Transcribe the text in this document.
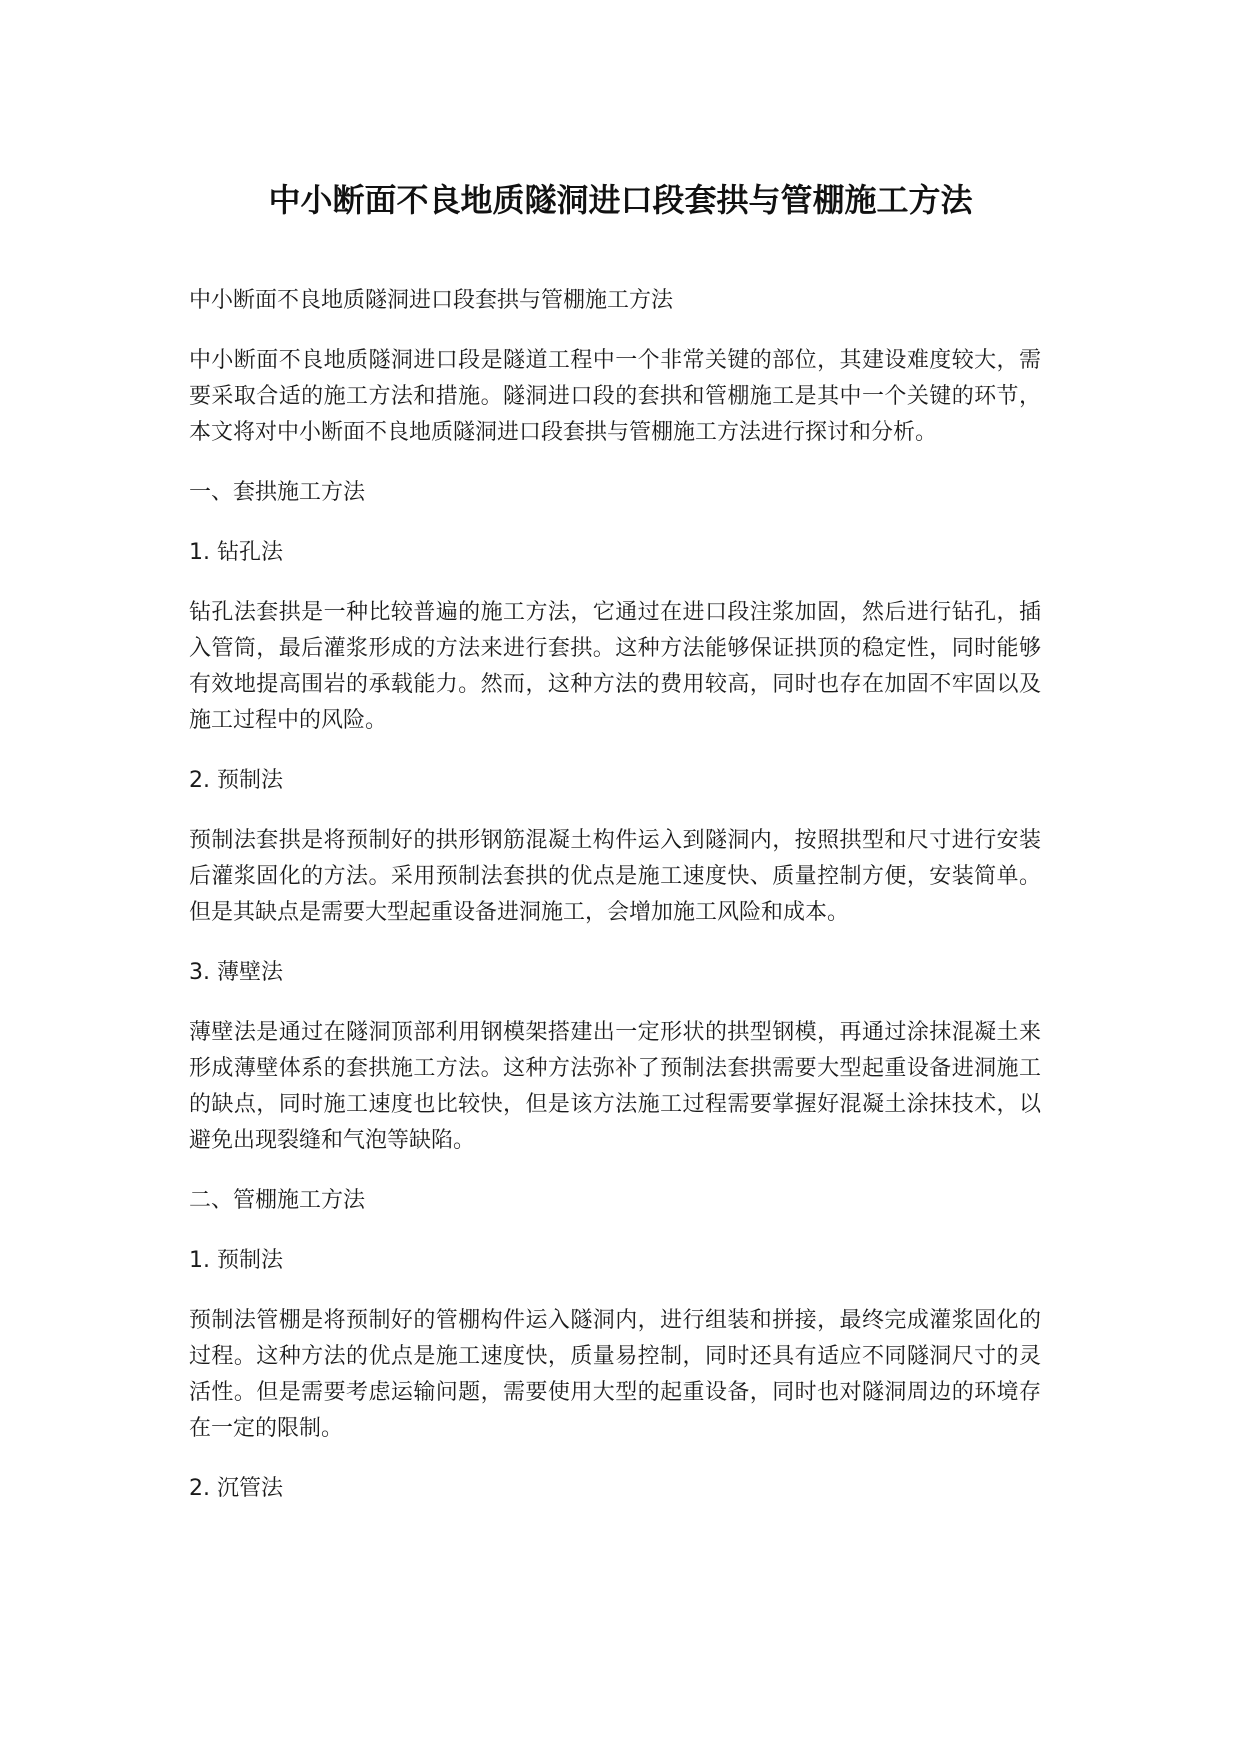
中小断面不良地质隧洞进口段套拱与管棚施工方法

中小断面不良地质隧洞进口段套拱与管棚施工方法

中小断面不良地质隧洞进口段是隧道工程中一个非常关键的部位，其建设难度较大，需要采取合适的施工方法和措施。隧洞进口段的套拱和管棚施工是其中一个关键的环节，本文将对中小断面不良地质隧洞进口段套拱与管棚施工方法进行探讨和分析。

一、套拱施工方法

1. 钻孔法

钻孔法套拱是一种比较普遍的施工方法，它通过在进口段注浆加固，然后进行钻孔，插入管筒，最后灌浆形成的方法来进行套拱。这种方法能够保证拱顶的稳定性，同时能够有效地提高围岩的承载能力。然而，这种方法的费用较高，同时也存在加固不牢固以及施工过程中的风险。

2. 预制法

预制法套拱是将预制好的拱形钢筋混凝土构件运入到隧洞内，按照拱型和尺寸进行安装后灌浆固化的方法。采用预制法套拱的优点是施工速度快、质量控制方便，安装简单。但是其缺点是需要大型起重设备进洞施工，会增加施工风险和成本。

3. 薄壁法

薄壁法是通过在隧洞顶部利用钢模架搭建出一定形状的拱型钢模，再通过涂抹混凝土来形成薄壁体系的套拱施工方法。这种方法弥补了预制法套拱需要大型起重设备进洞施工的缺点，同时施工速度也比较快，但是该方法施工过程需要掌握好混凝土涂抹技术，以避免出现裂缝和气泡等缺陷。

二、管棚施工方法

1. 预制法

预制法管棚是将预制好的管棚构件运入隧洞内，进行组装和拼接，最终完成灌浆固化的过程。这种方法的优点是施工速度快，质量易控制，同时还具有适应不同隧洞尺寸的灵活性。但是需要考虑运输问题，需要使用大型的起重设备，同时也对隧洞周边的环境存在一定的限制。

2. 沉管法
